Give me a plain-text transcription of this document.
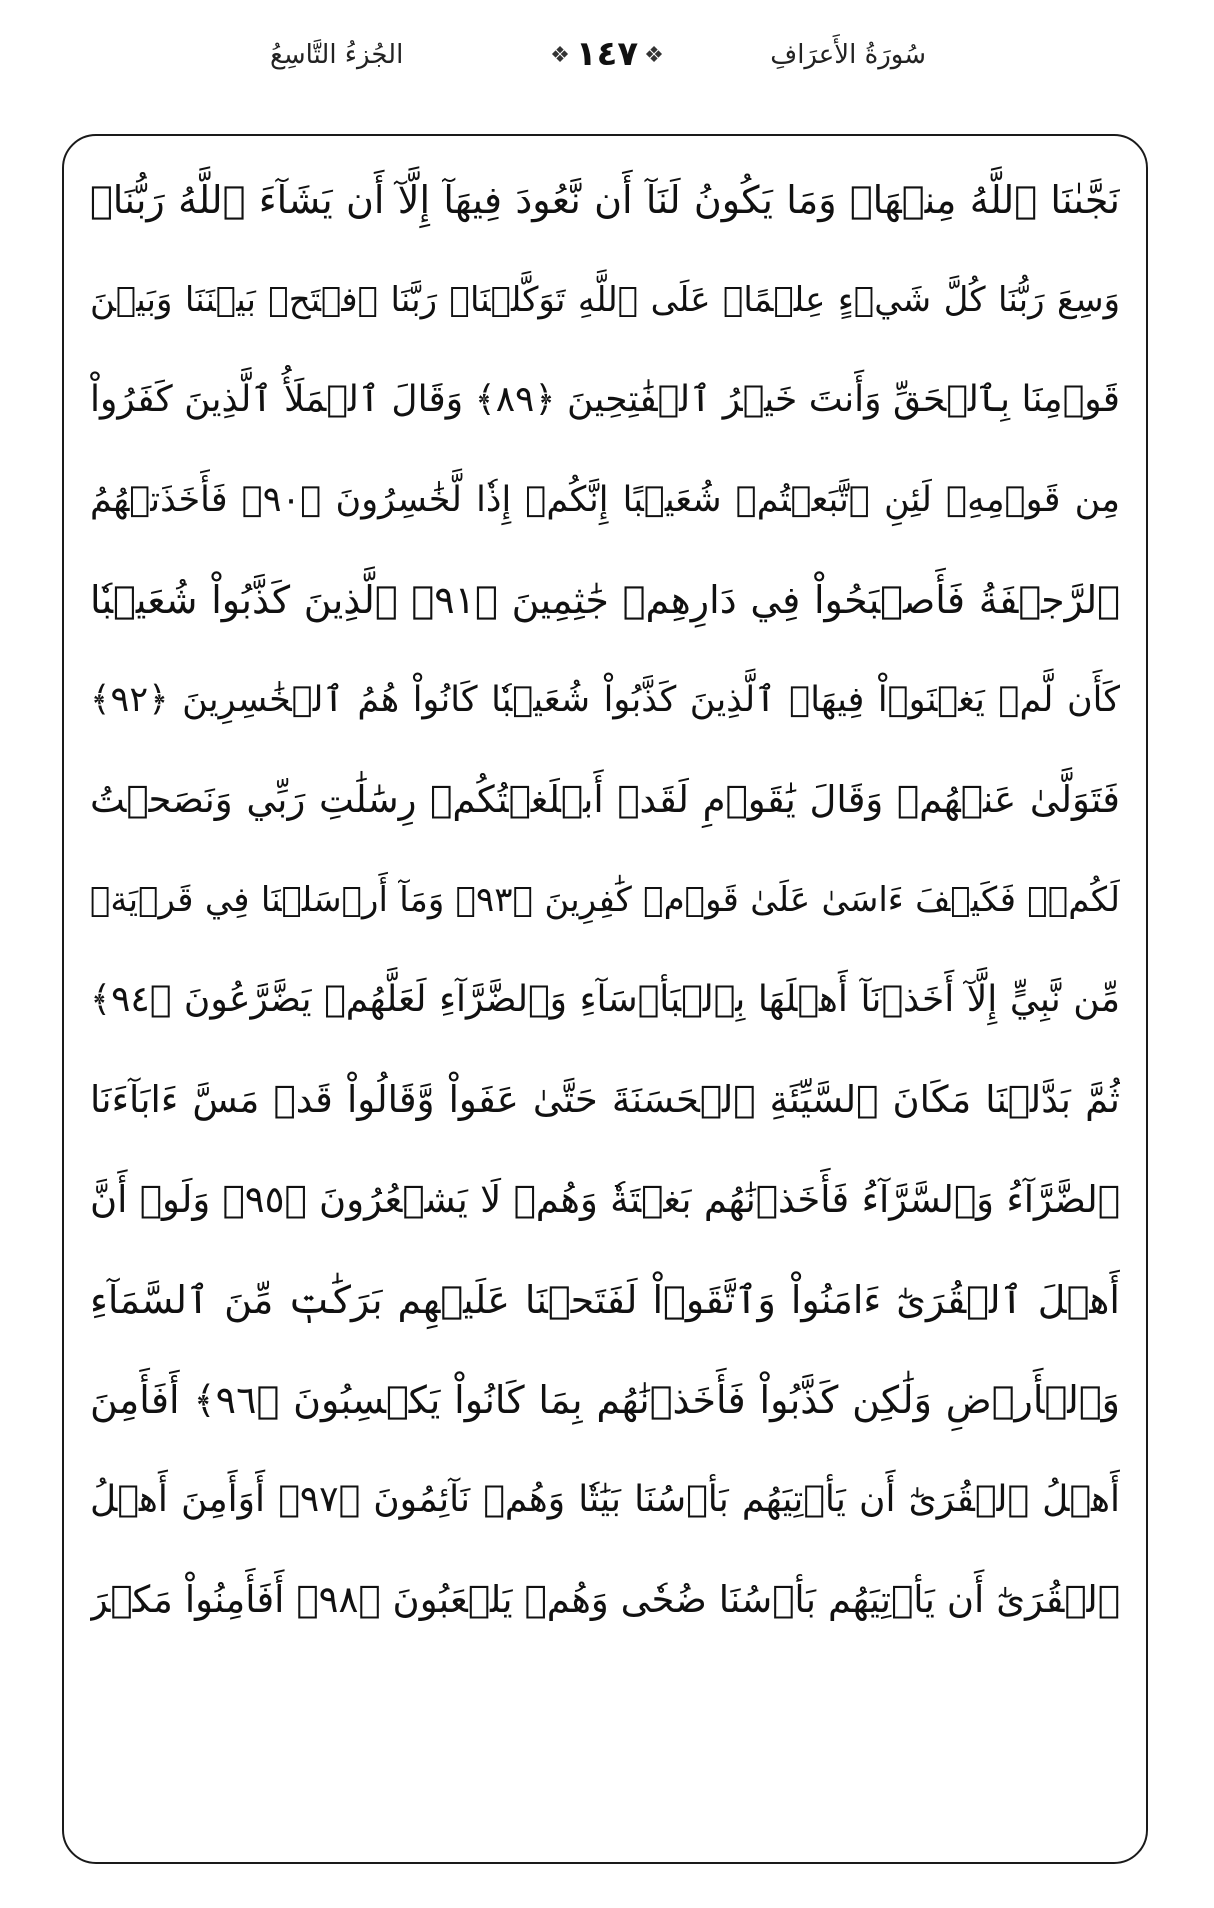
سُورَةُ الأَعرَافِ
❖١٤٧❖
الجُزءُ التَّاسِعُ
نَجَّىٰنَا ٱللَّهُ مِنۡهَاۚ وَمَا يَكُونُ لَنَآ أَن نَّعُودَ فِيهَآ إِلَّآ أَن يَشَآءَ ٱللَّهُ رَبُّنَاۚ
وَسِعَ رَبُّنَا كُلَّ شَيۡءٍ عِلۡمًاۚ عَلَى ٱللَّهِ تَوَكَّلۡنَاۚ رَبَّنَا ٱفۡتَحۡ بَيۡنَنَا وَبَيۡنَ
قَوۡمِنَا بِٱلۡحَقِّ وَأَنتَ خَيۡرُ ٱلۡفَٰتِحِينَ ﴿٨٩﴾ وَقَالَ ٱلۡمَلَأُ ٱلَّذِينَ كَفَرُواْ
مِن قَوۡمِهِۦ لَئِنِ ٱتَّبَعۡتُمۡ شُعَيۡبًا إِنَّكُمۡ إِذٗا لَّخَٰسِرُونَ ﴿٩٠﴾ فَأَخَذَتۡهُمُ
ٱلرَّجۡفَةُ فَأَصۡبَحُواْ فِي دَارِهِمۡ جَٰثِمِينَ ﴿٩١﴾ ٱلَّذِينَ كَذَّبُواْ شُعَيۡبٗا
كَأَن لَّمۡ يَغۡنَوۡاْ فِيهَاۚ ٱلَّذِينَ كَذَّبُواْ شُعَيۡبٗا كَانُواْ هُمُ ٱلۡخَٰسِرِينَ ﴿٩٢﴾
فَتَوَلَّىٰ عَنۡهُمۡ وَقَالَ يَٰقَوۡمِ لَقَدۡ أَبۡلَغۡتُكُمۡ رِسَٰلَٰتِ رَبِّي وَنَصَحۡتُ
لَكُمۡۖ فَكَيۡفَ ءَاسَىٰ عَلَىٰ قَوۡمٖ كَٰفِرِينَ ﴿٩٣﴾ وَمَآ أَرۡسَلۡنَا فِي قَرۡيَةٖ
مِّن نَّبِيٍّ إِلَّآ أَخَذۡنَآ أَهۡلَهَا بِٱلۡبَأۡسَآءِ وَٱلضَّرَّآءِ لَعَلَّهُمۡ يَضَّرَّعُونَ ﴿٩٤﴾
ثُمَّ بَدَّلۡنَا مَكَانَ ٱلسَّيِّئَةِ ٱلۡحَسَنَةَ حَتَّىٰ عَفَواْ وَّقَالُواْ قَدۡ مَسَّ ءَابَآءَنَا
ٱلضَّرَّآءُ وَٱلسَّرَّآءُ فَأَخَذۡنَٰهُم بَغۡتَةٗ وَهُمۡ لَا يَشۡعُرُونَ ﴿٩٥﴾ وَلَوۡ أَنَّ
أَهۡلَ ٱلۡقُرَىٰٓ ءَامَنُواْ وَٱتَّقَوۡاْ لَفَتَحۡنَا عَلَيۡهِم بَرَكَٰتٖ مِّنَ ٱلسَّمَآءِ
وَٱلۡأَرۡضِ وَلَٰكِن كَذَّبُواْ فَأَخَذۡنَٰهُم بِمَا كَانُواْ يَكۡسِبُونَ ﴿٩٦﴾ أَفَأَمِنَ
أَهۡلُ ٱلۡقُرَىٰٓ أَن يَأۡتِيَهُم بَأۡسُنَا بَيَٰتٗا وَهُمۡ نَآئِمُونَ ﴿٩٧﴾ أَوَأَمِنَ أَهۡلُ
ٱلۡقُرَىٰٓ أَن يَأۡتِيَهُم بَأۡسُنَا ضُحٗى وَهُمۡ يَلۡعَبُونَ ﴿٩٨﴾ أَفَأَمِنُواْ مَكۡرَ
